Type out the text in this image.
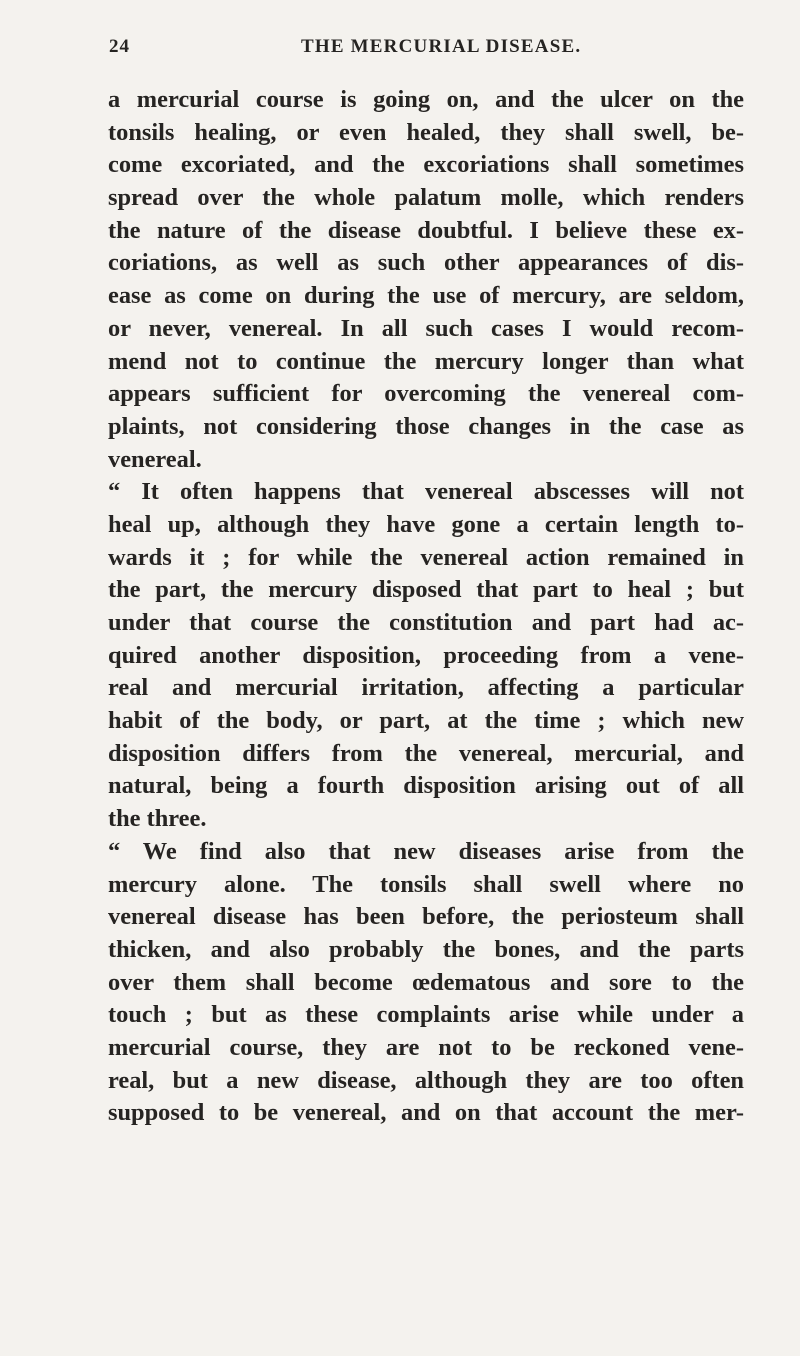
24	THE MERCURIAL DISEASE.
a mercurial course is going on, and the ulcer on the
tonsils healing, or even healed, they shall swell, be-
come excoriated, and the excoriations shall sometimes
spread over the whole palatum molle, which renders
the nature of the disease doubtful. I believe these ex-
coriations, as well as such other appearances of dis-
ease as come on during the use of mercury, are seldom,
or never, venereal. In all such cases I would recom-
mend not to continue the mercury longer than what
appears sufficient for overcoming the venereal com-
plaints, not considering those changes in the case as
venereal.
“ It often happens that venereal abscesses will not
heal up, although they have gone a certain length to-
wards it ; for while the venereal action remained in
the part, the mercury disposed that part to heal ; but
under that course the constitution and part had ac-
quired another disposition, proceeding from a vene-
real and mercurial irritation, affecting a particular
habit of the body, or part, at the time ; which new
disposition differs from the venereal, mercurial, and
natural, being a fourth disposition arising out of all
the three.
“ We find also that new diseases arise from the
mercury alone. The tonsils shall swell where no
venereal disease has been before, the periosteum shall
thicken, and also probably the bones, and the parts
over them shall become œdematous and sore to the
touch ; but as these complaints arise while under a
mercurial course, they are not to be reckoned vene-
real, but a new disease, although they are too often
supposed to be venereal, and on that account the mer-
